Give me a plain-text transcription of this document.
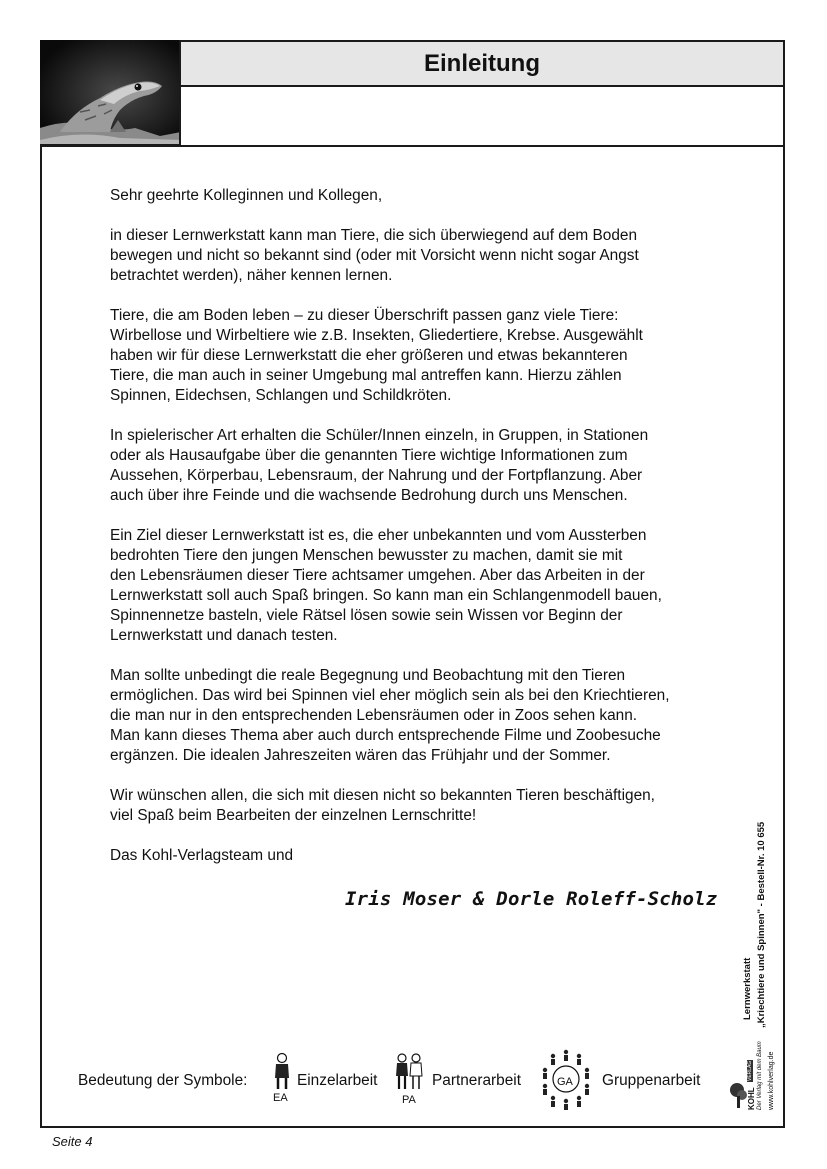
Einleitung

Sehr geehrte Kolleginnen und Kollegen,

in dieser Lernwerkstatt kann man Tiere, die sich überwiegend auf dem Boden
bewegen und nicht so bekannt sind (oder mit Vorsicht wenn nicht sogar Angst
betrachtet werden), näher kennen lernen.

Tiere, die am Boden leben – zu dieser Überschrift passen ganz viele Tiere:
Wirbellose und Wirbeltiere wie z.B. Insekten, Gliedertiere, Krebse. Ausgewählt
haben wir für diese Lernwerkstatt die eher größeren und etwas bekannteren
Tiere, die man auch in seiner Umgebung mal antreffen kann. Hierzu zählen
Spinnen, Eidechsen, Schlangen und Schildkröten.

In spielerischer Art erhalten die Schüler/Innen einzeln, in Gruppen, in Stationen
oder als Hausaufgabe über die genannten Tiere wichtige Informationen zum
Aussehen, Körperbau, Lebensraum, der Nahrung und der Fortpflanzung. Aber
auch über ihre Feinde und die wachsende Bedrohung durch uns Menschen.

Ein Ziel dieser Lernwerkstatt ist es, die eher unbekannten und vom Aussterben
bedrohten Tiere den jungen Menschen bewusster zu machen, damit sie mit
den Lebensräumen dieser Tiere achtsamer umgehen. Aber das Arbeiten in der
Lernwerkstatt soll auch Spaß bringen. So kann man ein Schlangenmodell bauen,
Spinnennetze basteln, viele Rätsel lösen sowie sein Wissen vor Beginn der
Lernwerkstatt und danach testen.

Man sollte unbedingt die reale Begegnung und Beobachtung mit den Tieren
ermöglichen. Das wird bei Spinnen viel eher möglich sein als bei den Kriechtieren,
die man nur in den entsprechenden Lebensräumen oder in Zoos sehen kann.
Man kann dieses Thema aber auch durch entsprechende Filme und Zoobesuche
ergänzen. Die idealen Jahreszeiten wären das Frühjahr und der Sommer.

Wir wünschen allen, die sich mit diesen nicht so bekannten Tieren beschäftigen,
viel Spaß beim Bearbeiten der einzelnen Lernschritte!

Das Kohl-Verlagsteam und

Iris Moser & Dorle Roleff-Scholz
Bedeutung der Symbole:
EA
Einzelarbeit
PA
Partnerarbeit	GA Gruppenarbeit
Lernwerkstatt „Kriechtiere und Spinnen" - Bestell-Nr. 10 655
KOHL
VERLAG Der Verlag mit dem Baum www.kohlverlag.de
Seite 4
